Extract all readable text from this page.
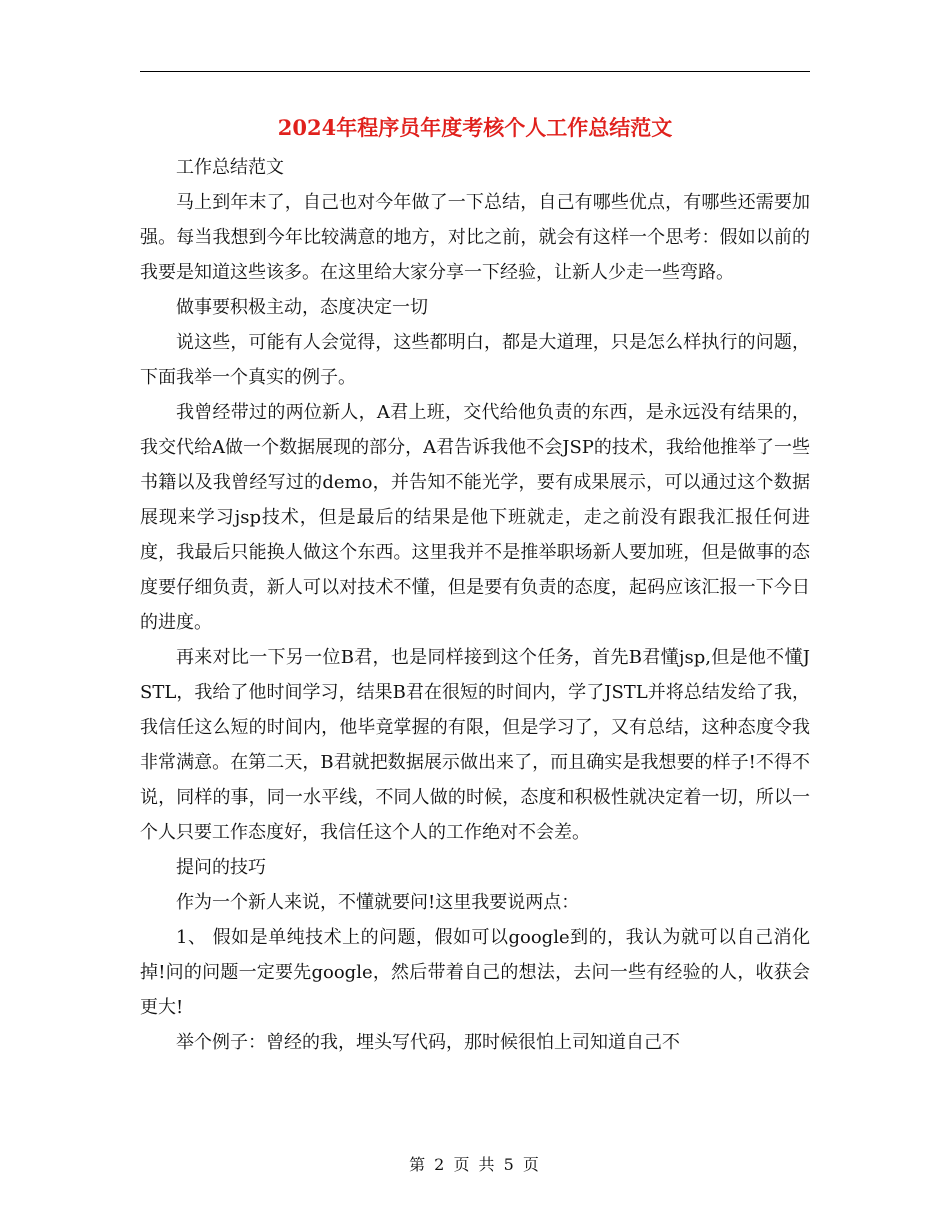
2024年程序员年度考核个人工作总结范文

工作总结范文

马上到年末了，自己也对今年做了一下总结，自己有哪些优点，有哪些还需要加强。每当我想到今年比较满意的地方，对比之前，就会有这样一个思考：假如以前的我要是知道这些该多。在这里给大家分享一下经验，让新人少走一些弯路。

做事要积极主动，态度决定一切

说这些，可能有人会觉得，这些都明白，都是大道理，只是怎么样执行的问题，下面我举一个真实的例子。

我曾经带过的两位新人，A君上班，交代给他负责的东西，是永远没有结果的，我交代给A做一个数据展现的部分，A君告诉我他不会JSP的技术，我给他推举了一些书籍以及我曾经写过的demo，并告知不能光学，要有成果展示，可以通过这个数据展现来学习jsp技术，但是最后的结果是他下班就走，走之前没有跟我汇报任何进度，我最后只能换人做这个东西。这里我并不是推举职场新人要加班，但是做事的态度要仔细负责，新人可以对技术不懂，但是要有负责的态度，起码应该汇报一下今日的进度。

再来对比一下另一位B君，也是同样接到这个任务，首先B君懂jsp,但是他不懂JSTL，我给了他时间学习，结果B君在很短的时间内，学了JSTL并将总结发给了我，我信任这么短的时间内，他毕竟掌握的有限，但是学习了，又有总结，这种态度令我非常满意。在第二天，B君就把数据展示做出来了，而且确实是我想要的样子!不得不说，同样的事，同一水平线，不同人做的时候，态度和积极性就决定着一切，所以一个人只要工作态度好，我信任这个人的工作绝对不会差。

提问的技巧

作为一个新人来说，不懂就要问!这里我要说两点：

1、 假如是单纯技术上的问题，假如可以google到的，我认为就可以自己消化掉!问的问题一定要先google，然后带着自己的想法，去问一些有经验的人，收获会更大!

举个例子：曾经的我，埋头写代码，那时候很怕上司知道自己不

第 2 页 共 5 页
